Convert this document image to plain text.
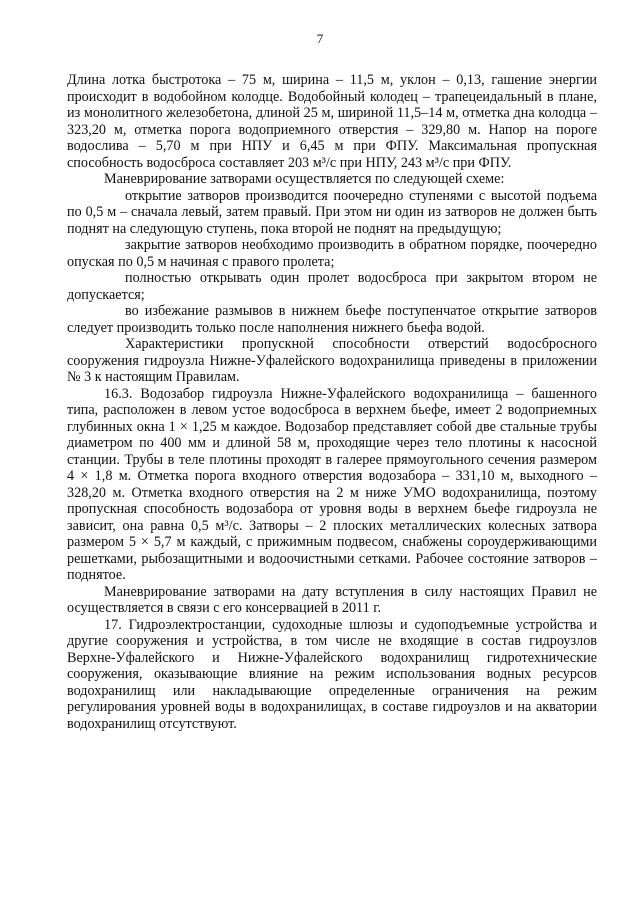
7

Длина лотка быстротока – 75 м, ширина – 11,5 м, уклон – 0,13, гашение энергии происходит в водобойном колодце. Водобойный колодец – трапецеидальный в плане, из монолитного железобетона, длиной 25 м, шириной 11,5–14 м, отметка дна колодца – 323,20 м, отметка порога водоприемного отверстия – 329,80 м. Напор на пороге водослива – 5,70 м при НПУ и 6,45 м при ФПУ. Максимальная пропускная способность водосброса составляет 203 м³/с при НПУ, 243 м³/с при ФПУ.

Маневрирование затворами осуществляется по следующей схеме:

открытие затворов производится поочередно ступенями с высотой подъема по 0,5 м – сначала левый, затем правый. При этом ни один из затворов не должен быть поднят на следующую ступень, пока второй не поднят на предыдущую;

закрытие затворов необходимо производить в обратном порядке, поочередно опуская по 0,5 м начиная с правого пролета;

полностью открывать один пролет водосброса при закрытом втором не допускается;

во избежание размывов в нижнем бьефе поступенчатое открытие затворов следует производить только после наполнения нижнего бьефа водой.

Характеристики пропускной способности отверстий водосбросного сооружения гидроузла Нижне-Уфалейского водохранилища приведены в приложении № 3 к настоящим Правилам.

16.3. Водозабор гидроузла Нижне-Уфалейского водохранилища – башенного типа, расположен в левом устое водосброса в верхнем бьефе, имеет 2 водоприемных глубинных окна 1 × 1,25 м каждое. Водозабор представляет собой две стальные трубы диаметром по 400 мм и длиной 58 м, проходящие через тело плотины к насосной станции. Трубы в теле плотины проходят в галерее прямоугольного сечения размером 4 × 1,8 м. Отметка порога входного отверстия водозабора – 331,10 м, выходного – 328,20 м. Отметка входного отверстия на 2 м ниже УМО водохранилища, поэтому пропускная способность водозабора от уровня воды в верхнем бьефе гидроузла не зависит, она равна 0,5 м³/с. Затворы – 2 плоских металлических колесных затвора размером 5 × 5,7 м каждый, с прижимным подвесом, снабжены сороудерживающими решетками, рыбозащитными и водоочистными сетками. Рабочее состояние затворов – поднятое.

Маневрирование затворами на дату вступления в силу настоящих Правил не осуществляется в связи с его консервацией в 2011 г.

17. Гидроэлектростанции, судоходные шлюзы и судоподъемные устройства и другие сооружения и устройства, в том числе не входящие в состав гидроузлов Верхне-Уфалейского и Нижне-Уфалейского водохранилищ гидротехнические сооружения, оказывающие влияние на режим использования водных ресурсов водохранилищ или накладывающие определенные ограничения на режим регулирования уровней воды в водохранилищах, в составе гидроузлов и на акватории водохранилищ отсутствуют.
